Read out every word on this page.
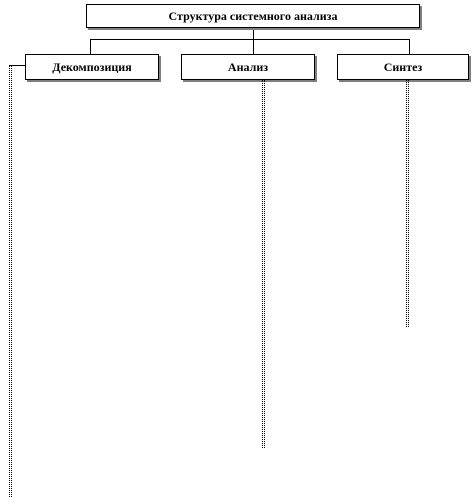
Структура системного анализа
Декомпозиция	Анализ	Синтез
